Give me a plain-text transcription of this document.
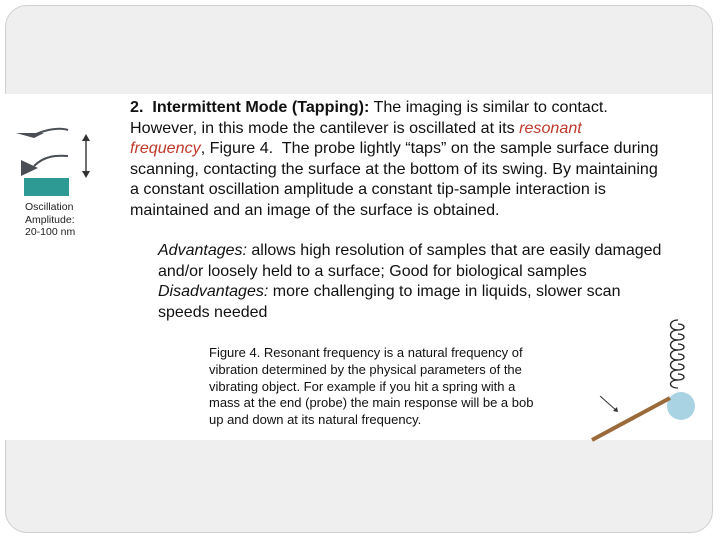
Oscillation
Amplitude:
20-100 nm
2.  Intermittent Mode (Tapping): The imaging is similar to contact.
However, in this mode the cantilever is oscillated at its resonant
frequency, Figure 4.  The probe lightly “taps” on the sample surface during
scanning, contacting the surface at the bottom of its swing. By maintaining
a constant oscillation amplitude a constant tip-sample interaction is
maintained and an image of the surface is obtained.
Advantages: allows high resolution of samples that are easily damaged
and/or loosely held to a surface; Good for biological samples
Disadvantages: more challenging to image in liquids, slower scan
speeds needed
Figure 4. Resonant frequency is a natural frequency of
vibration determined by the physical parameters of the
vibrating object. For example if you hit a spring with a
mass at the end (probe) the main response will be a bob
up and down at its natural frequency.
